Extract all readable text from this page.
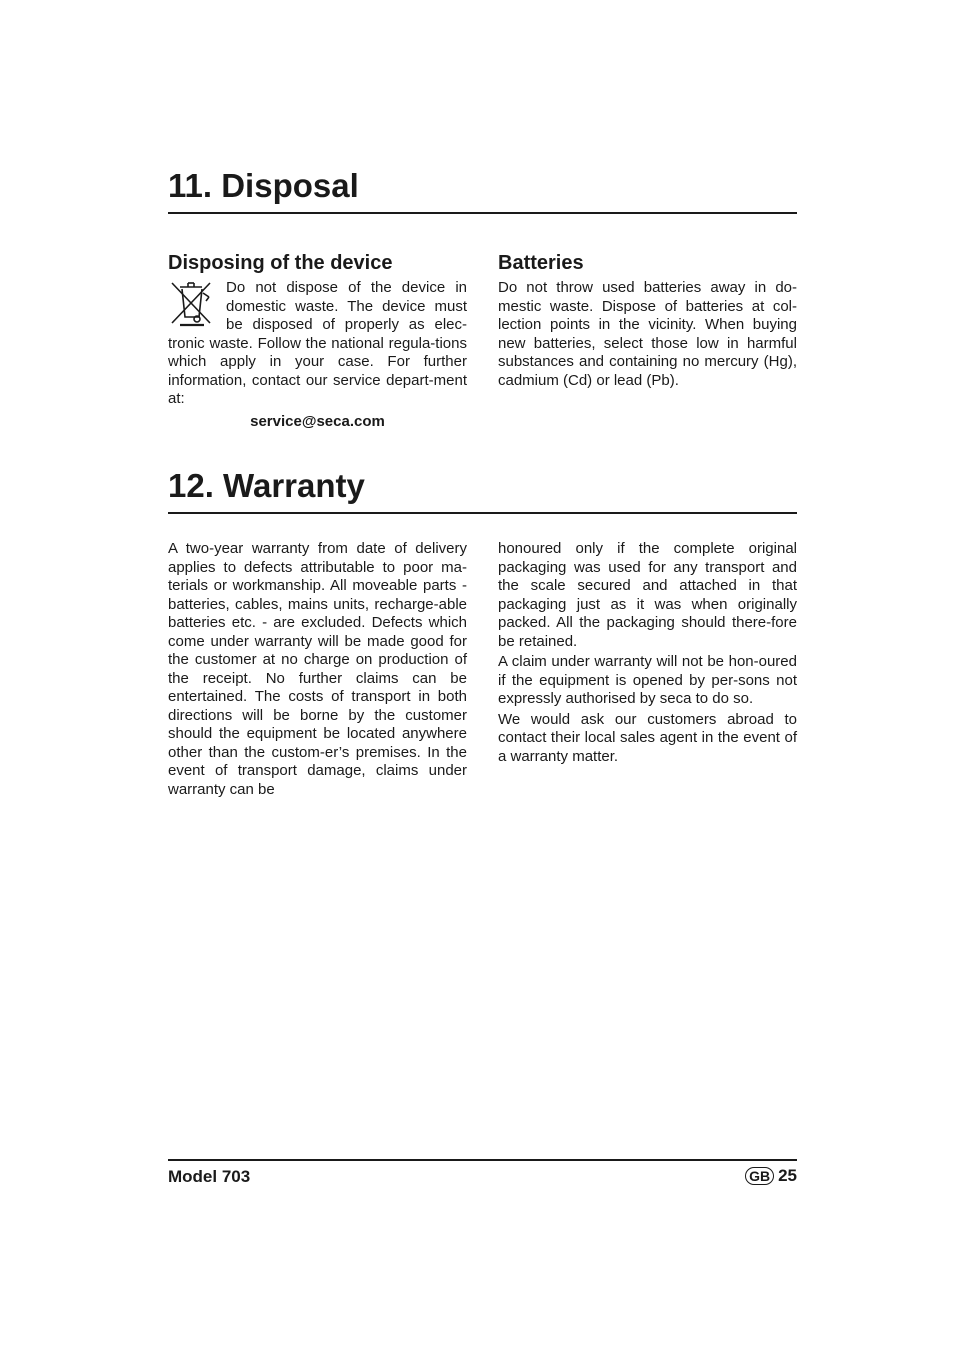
11. Disposal
Disposing of the device

Do not dispose of the device in domestic waste. The device must be disposed of properly as elec-tronic waste. Follow the national regula-tions which apply in your case. For further information, contact our service depart-ment at:

service@seca.com

Batteries

Do not throw used batteries away in do-mestic waste. Dispose of batteries at col-lection points in the vicinity. When buying new batteries, select those low in harmful substances and containing no mercury (Hg), cadmium (Cd) or lead (Pb).

12. Warranty

A two-year warranty from date of delivery applies to defects attributable to poor ma-terials or workmanship. All moveable parts - batteries, cables, mains units, recharge-able batteries etc. - are excluded. Defects which come under warranty will be made good for the customer at no charge on production of the receipt. No further claims can be entertained. The costs of transport in both directions will be borne by the customer should the equipment be located anywhere other than the custom-er’s premises. In the event of transport damage, claims under warranty can be

honoured only if the complete original packaging was used for any transport and the scale secured and attached in that packaging just as it was when originally packed. All the packaging should there-fore be retained.

A claim under warranty will not be hon-oured if the equipment is opened by per-sons not expressly authorised by seca to do so.

We would ask our customers abroad to contact their local sales agent in the event of a warranty matter.

Model 703	GB 25
